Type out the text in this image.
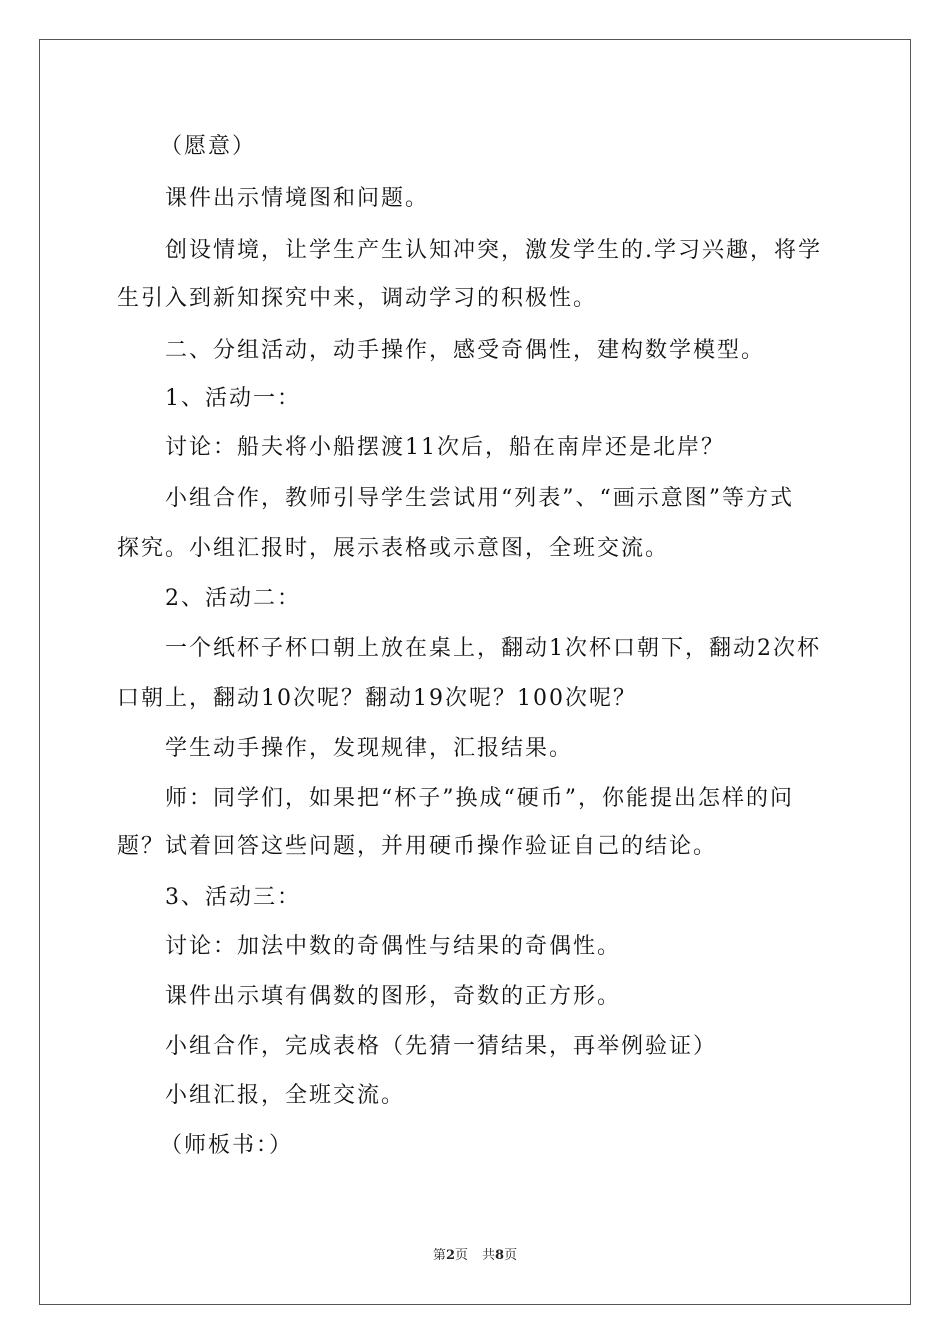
（愿意）
课件出示情境图和问题。
创设情境，让学生产生认知冲突，激发学生的.学习兴趣，将学
生引入到新知探究中来，调动学习的积极性。
二、分组活动，动手操作，感受奇偶性，建构数学模型。
1、活动一：
讨论：船夫将小船摆渡11次后，船在南岸还是北岸？
小组合作，教师引导学生尝试用“列表”、“画示意图”等方式
探究。小组汇报时，展示表格或示意图，全班交流。
2、活动二：
一个纸杯子杯口朝上放在桌上，翻动1次杯口朝下，翻动2次杯
口朝上，翻动10次呢？翻动19次呢？100次呢？
学生动手操作，发现规律，汇报结果。
师：同学们，如果把“杯子”换成“硬币”，你能提出怎样的问
题？试着回答这些问题，并用硬币操作验证自己的结论。
3、活动三：
讨论：加法中数的奇偶性与结果的奇偶性。
课件出示填有偶数的图形，奇数的正方形。
小组合作，完成表格（先猜一猜结果，再举例验证）
小组汇报，全班交流。
（师板书：）
第2页 共8页
